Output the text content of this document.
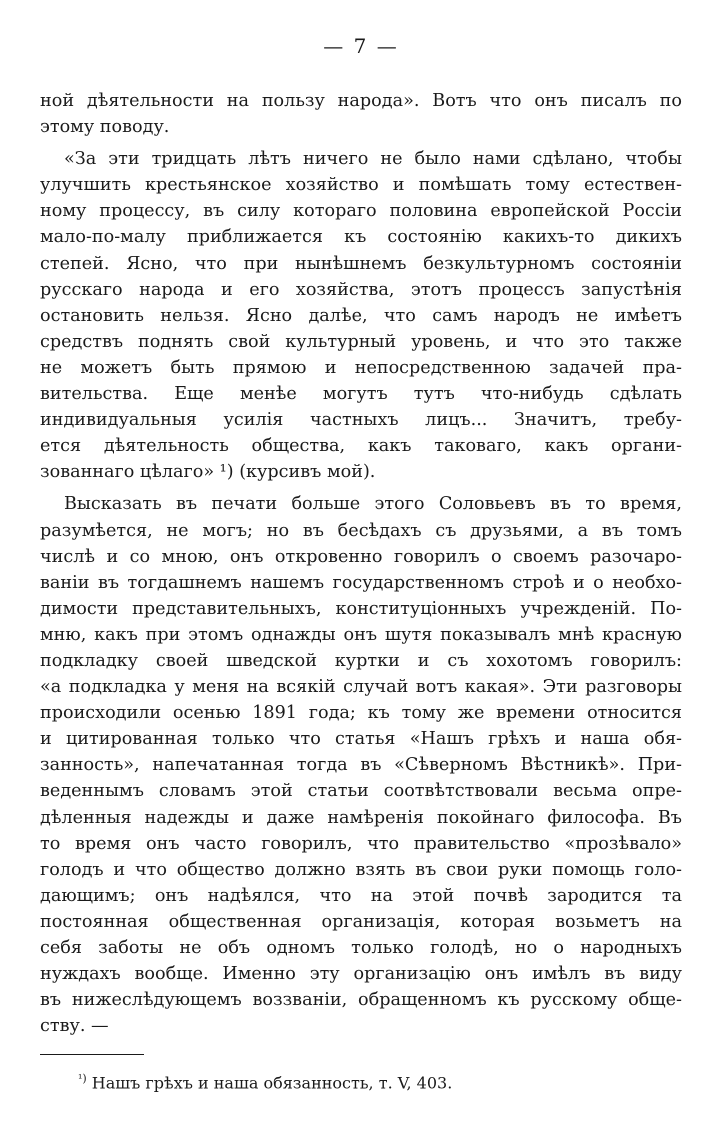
— 7 —
ной дѣятельности на пользу народа». Вотъ что онъ писалъ по
этому поводу.
«За эти тридцать лѣтъ ничего не было нами сдѣлано, чтобы
улучшить крестьянское хозяйство и помѣшать тому естествен-
ному процессу, въ силу котораго половина европейской Россіи
мало-по-малу приближается къ состоянію какихъ-то дикихъ
степей. Ясно, что при нынѣшнемъ безкультурномъ состояніи
русскаго народа и его хозяйства, этотъ процессъ запустѣнія
остановить нельзя. Ясно далѣе, что самъ народъ не имѣетъ
средствъ поднять свой культурный уровень, и что это также
не можетъ быть прямою и непосредственною задачей пра-
вительства. Еще менѣе могутъ тутъ что-нибудь сдѣлать
индивидуальныя усилія частныхъ лицъ... Значитъ, требу-
ется дѣятельность общества, какъ таковаго, какъ органи-
зованнаго цѣлаго» ¹) (курсивъ мой).
Высказать въ печати больше этого Соловьевъ въ то время,
разумѣется, не могъ; но въ бесѣдахъ съ друзьями, а въ томъ
числѣ и со мною, онъ откровенно говорилъ о своемъ разочаро-
ваніи въ тогдашнемъ нашемъ государственномъ строѣ и о необхо-
димости представительныхъ, конституціонныхъ учрежденій. По-
мню, какъ при этомъ однажды онъ шутя показывалъ мнѣ красную
подкладку своей шведской куртки и съ хохотомъ говорилъ:
«а подкладка у меня на всякій случай вотъ какая». Эти разговоры
происходили осенью 1891 года; къ тому же времени относится
и цитированная только что статья «Нашъ грѣхъ и наша обя-
занность», напечатанная тогда въ «Сѣверномъ Вѣстникѣ». При-
веденнымъ словамъ этой статьи соотвѣтствовали весьма опре-
дѣленныя надежды и даже намѣренія покойнаго философа. Въ
то время онъ часто говорилъ, что правительство «прозѣвало»
голодъ и что общество должно взять въ свои руки помощь голо-
дающимъ; онъ надѣялся, что на этой почвѣ зародится та
постоянная общественная организація, которая возьметъ на
себя заботы не объ одномъ только голодѣ, но о народныхъ
нуждахъ вообще. Именно эту организацію онъ имѣлъ въ виду
въ нижеслѣдующемъ воззваніи, обращенномъ къ русскому обще-
ству. —
$^{^1)}$ Нашъ грѣхъ и наша обязанность, т. V, 403.
